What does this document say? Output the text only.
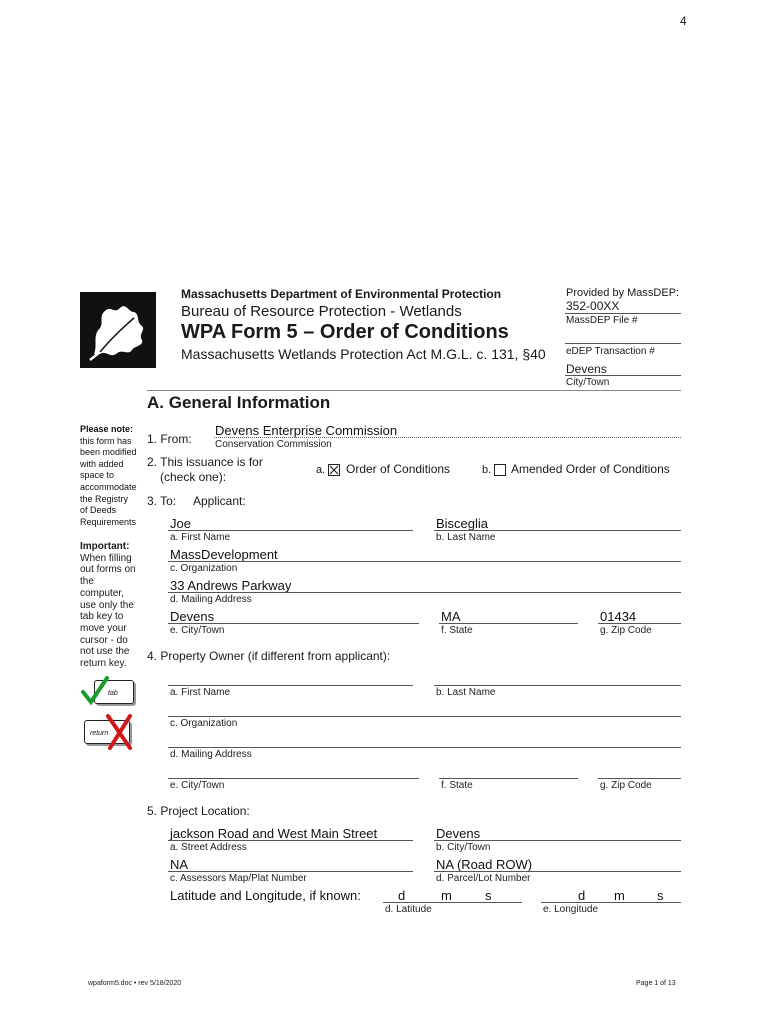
4
Massachusetts Department of Environmental Protection
Bureau of Resource Protection - Wetlands
WPA Form 5 – Order of Conditions
Massachusetts Wetlands Protection Act M.G.L. c. 131, §40
Provided by MassDEP:
352-00XX
MassDEP File #
eDEP Transaction #
Devens
City/Town
A. General Information
Please note:
this form has
been modified
with added
space to
accommodate
the Registry
of Deeds
Requirements
Important:
When filling
out forms on
the
computer,
use only the
tab key to
move your
cursor - do
not use the
return key.
tab
return
1. From:
Devens Enterprise Commission
Conservation Commission
2. This issuance is for
(check one):	a. Order of Conditions	b. Amended Order of Conditions
3. To: Applicant:
Joe
a. First Name
Bisceglia
b. Last Name
MassDevelopment
c. Organization
33 Andrews Parkway
d. Mailing Address
Devens
e. City/Town
MA
f. State
01434
g. Zip Code
4. Property Owner (if different from applicant):
a. First Name	b. Last Name
c. Organization
d. Mailing Address
e. City/Town	f. State	g. Zip Code
5. Project Location:
jackson Road and West Main Street
a. Street Address
Devens
b. City/Town
NA
c. Assessors Map/Plat Number
NA (Road ROW)
d. Parcel/Lot Number
Latitude and Longitude, if known:	d	m	s
d. Latitude
d m s
e. Longitude
wpaform5.doc • rev 5/18/2020	Page 1 of 13
